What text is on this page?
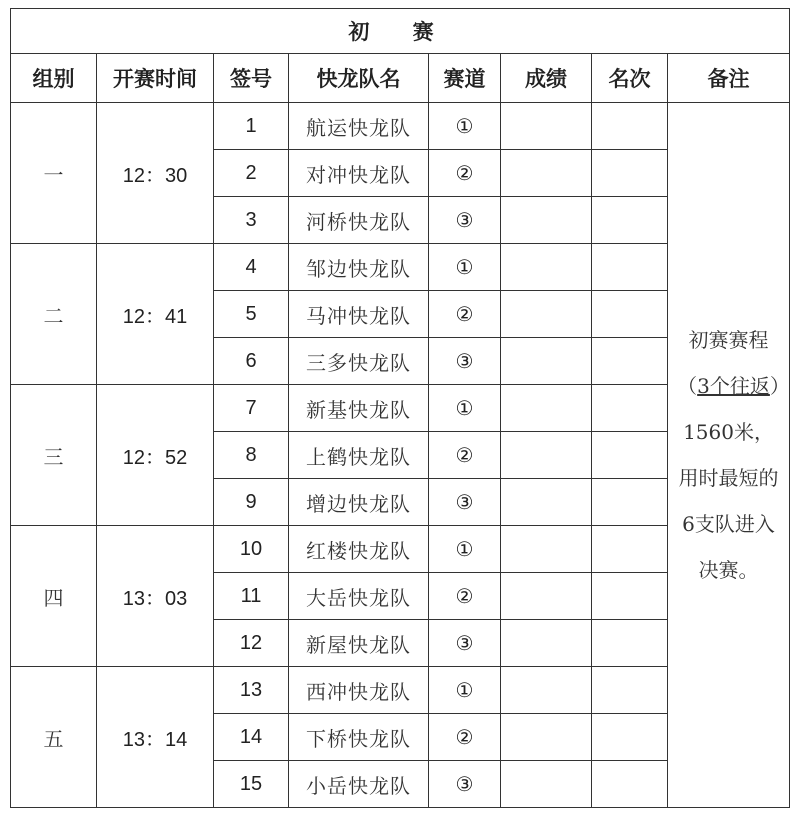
初 赛							
组别	开赛时间	签号	快龙队名	赛道	成绩	名次	备注
一	12：30	1	航运快龙队	①			初赛赛程（3个往返）1560米，用时最短的6支队进入决赛。
		2	对冲快龙队	②			
		3	河桥快龙队	③			
二	12：41	4	邹边快龙队	①			
		5	马冲快龙队	②			
		6	三多快龙队	③			
三	12：52	7	新基快龙队	①			
		8	上鹤快龙队	②			
		9	增边快龙队	③			
四	13：03	10	红楼快龙队	①			
		11	大岳快龙队	②			
		12	新屋快龙队	③			
五	13：14	13	西冲快龙队	①			
		14	下桥快龙队	②			
		15	小岳快龙队	③			
